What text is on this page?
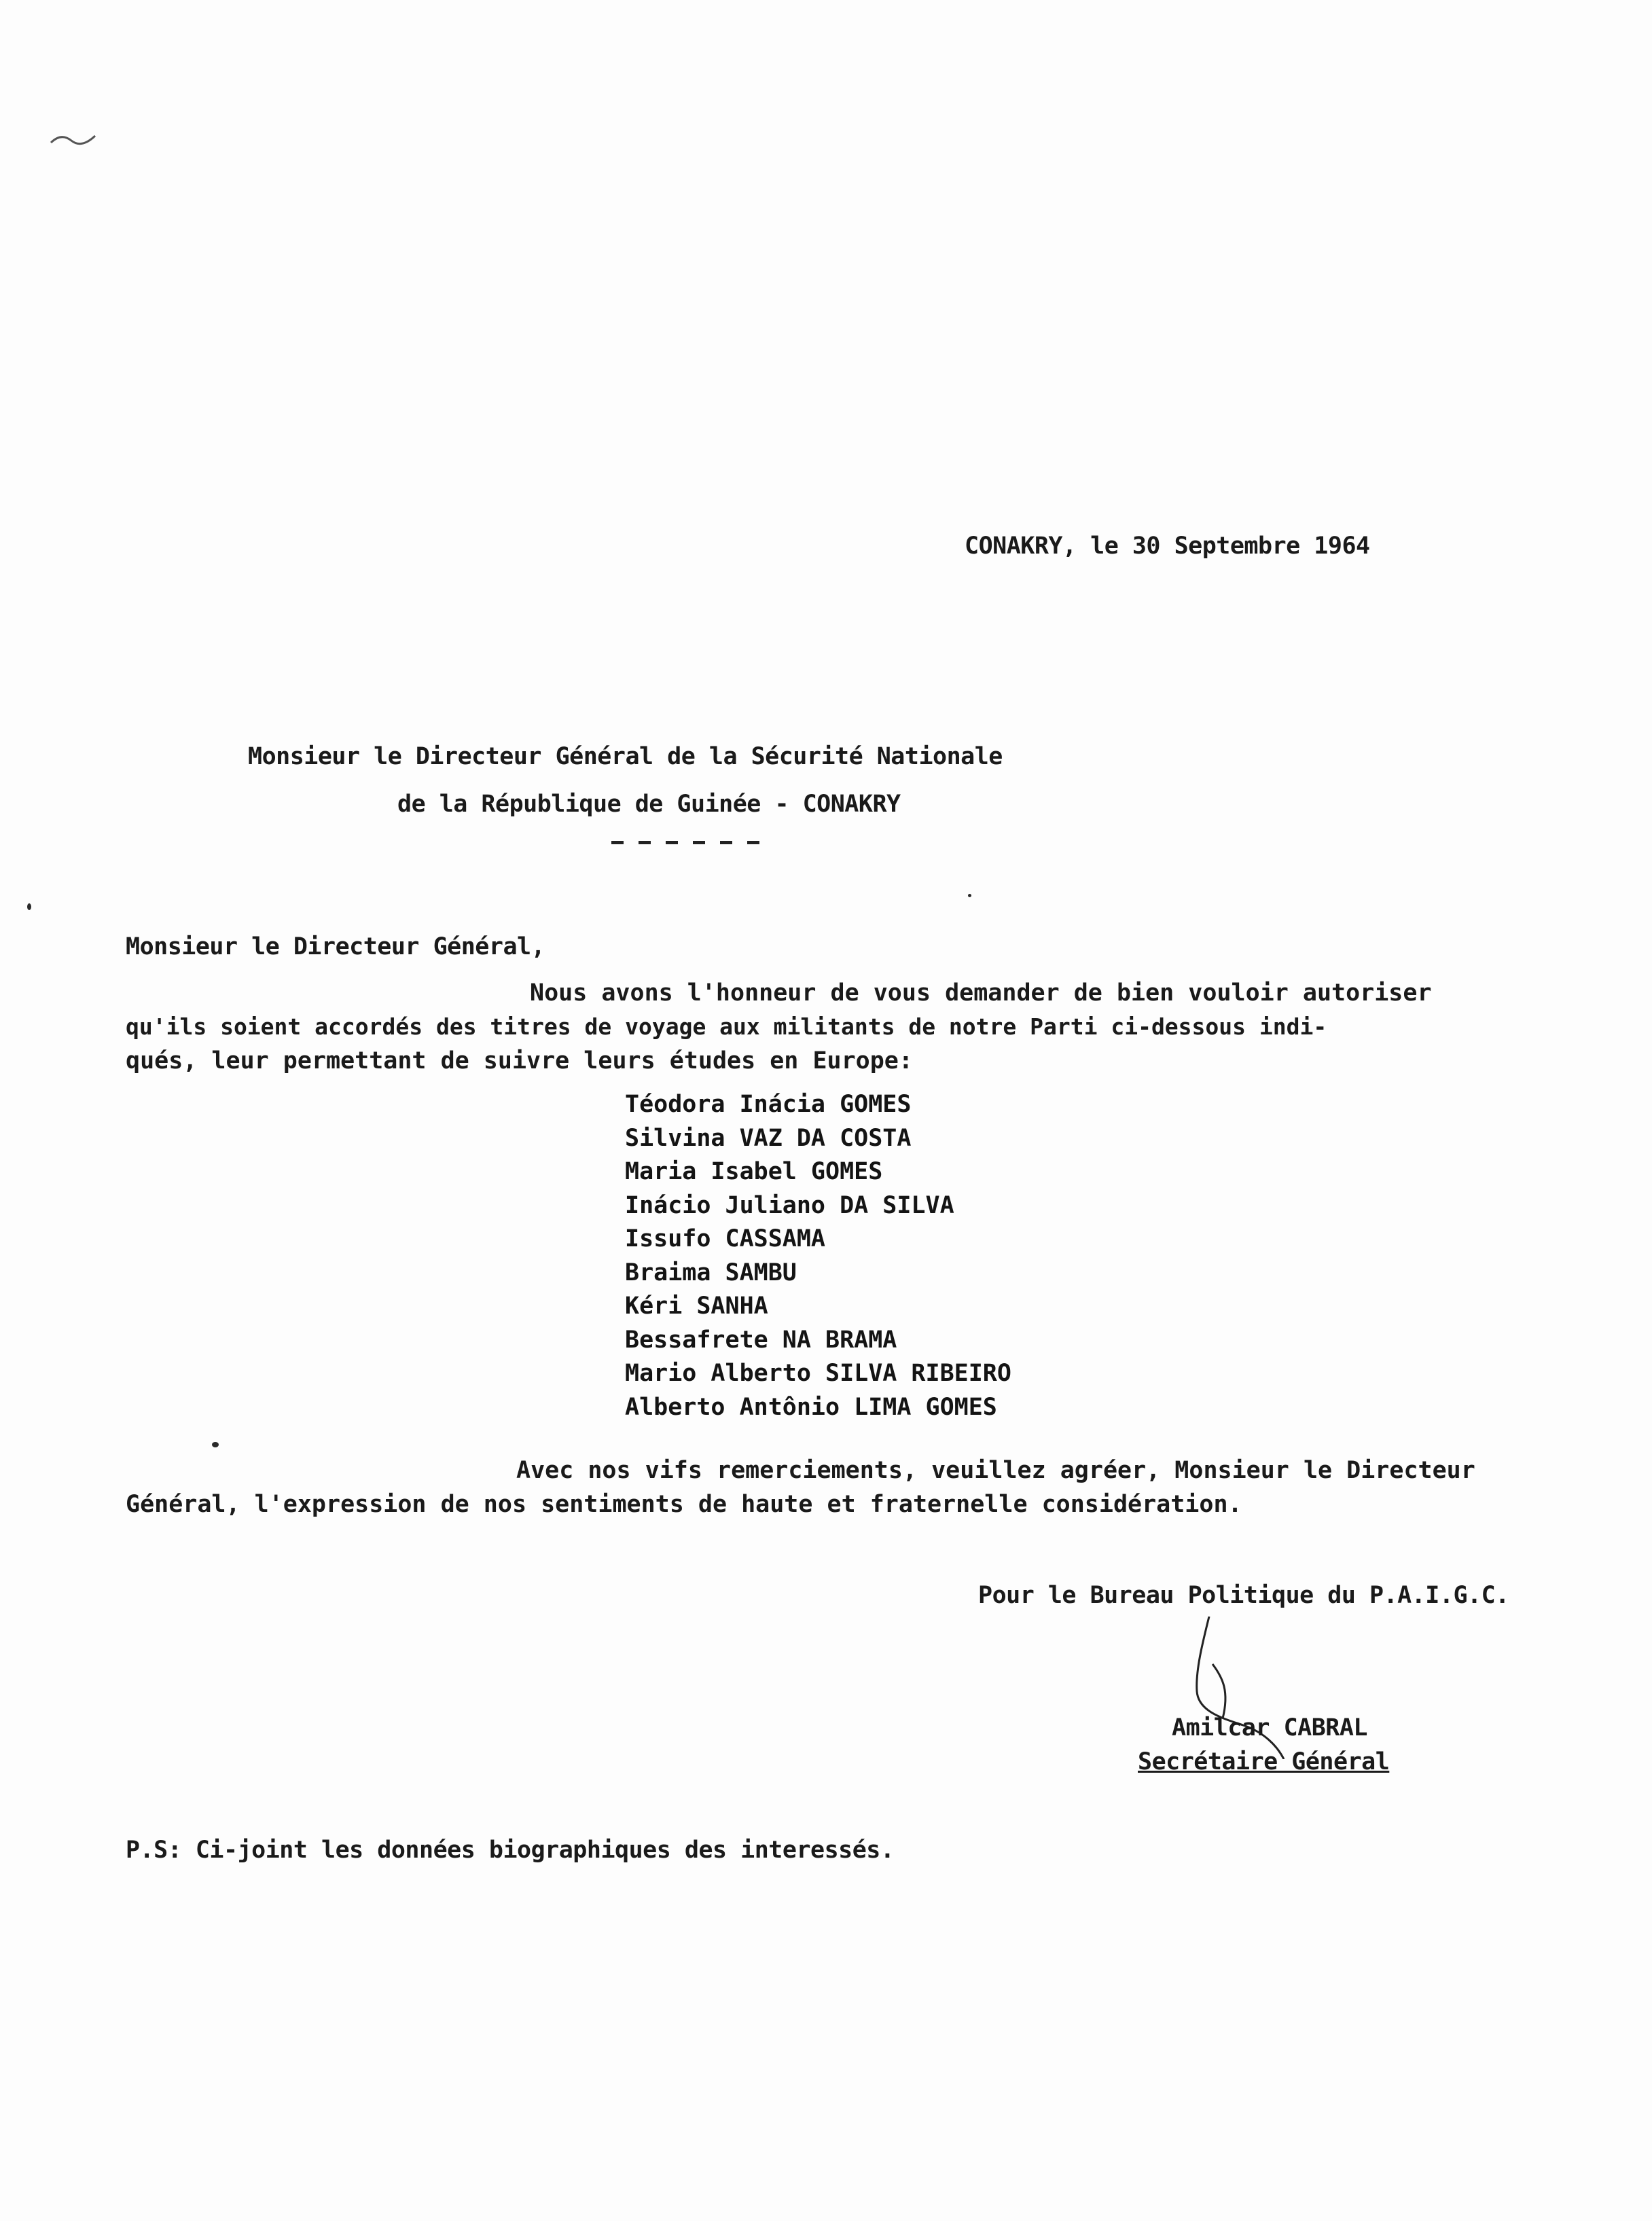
CONAKRY, le 30 Septembre 1964
Monsieur le Directeur Général de la Sécurité Nationale
de la République de Guinée - CONAKRY
Monsieur le Directeur Général,
Nous avons l'honneur de vous demander de bien vouloir autoriser
qu'ils soient accordés des titres de voyage aux militants de notre Parti ci-dessous indi-
qués, leur permettant de suivre leurs études en Europe:
Téodora Inácia GOMES
Silvina VAZ DA COSTA
Maria Isabel GOMES
Inácio Juliano DA SILVA
Issufo CASSAMA
Braima SAMBU
Kéri SANHA
Bessafrete NA BRAMA
Mario Alberto SILVA RIBEIRO
Alberto Antônio LIMA GOMES
Avec nos vifs remerciements, veuillez agréer, Monsieur le Directeur
Général, l'expression de nos sentiments de haute et fraternelle considération.
Pour le Bureau Politique du P.A.I.G.C.
Amilcar CABRAL
Secrétaire Général
P.S: Ci-joint les données biographiques des interessés.
